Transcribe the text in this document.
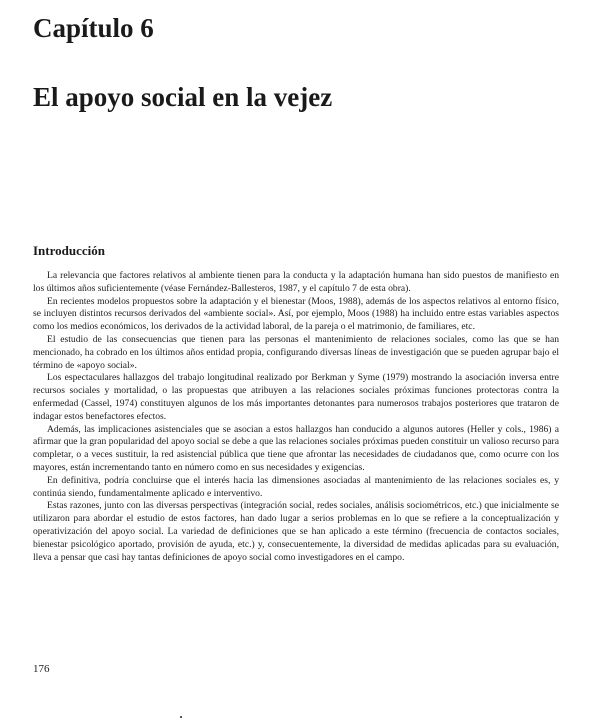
Capítulo 6
El apoyo social en la vejez
Introducción

La relevancia que factores relativos al ambiente tienen para la conducta y la adaptación humana han sido puestos de manifiesto en los últimos años suficientemente (véase Fernández-Ballesteros, 1987, y el capítulo 7 de esta obra).

En recientes modelos propuestos sobre la adaptación y el bienestar (Moos, 1988), además de los aspectos relativos al entorno físico, se incluyen distintos recursos derivados del «ambiente social». Así, por ejemplo, Moos (1988) ha incluido entre estas variables aspectos como los medios económicos, los derivados de la actividad laboral, de la pareja o el matrimonio, de familiares, etc.

El estudio de las consecuencias que tienen para las personas el mantenimiento de relaciones sociales, como las que se han mencionado, ha cobrado en los últimos años entidad propia, configurando diversas líneas de investigación que se pueden agrupar bajo el término de «apoyo social».

Los espectaculares hallazgos del trabajo longitudinal realizado por Berkman y Syme (1979) mostrando la asociación inversa entre recursos sociales y mortalidad, o las propuestas que atribuyen a las relaciones sociales próximas funciones protectoras contra la enfermedad (Cassel, 1974) constituyen algunos de los más importantes detonantes para numerosos trabajos posteriores que trataron de indagar estos benefactores efectos.

Además, las implicaciones asistenciales que se asocian a estos hallazgos han conducido a algunos autores (Heller y cols., 1986) a afirmar que la gran popularidad del apoyo social se debe a que las relaciones sociales próximas pueden constituir un valioso recurso para completar, o a veces sustituir, la red asistencial pública que tiene que afrontar las necesidades de ciudadanos que, como ocurre con los mayores, están incrementando tanto en número como en sus necesidades y exigencias.

En definitiva, podría concluirse que el interés hacia las dimensiones asociadas al mantenimiento de las relaciones sociales es, y continúa siendo, fundamentalmente aplicado e interventivo.

Estas razones, junto con las diversas perspectivas (integración social, redes sociales, análisis sociométricos, etc.) que inicialmente se utilizaron para abordar el estudio de estos factores, han dado lugar a serios problemas en lo que se refiere a la conceptualización y operativización del apoyo social. La variedad de definiciones que se han aplicado a este término (frecuencia de contactos sociales, bienestar psicológico aportado, provisión de ayuda, etc.) y, consecuentemente, la diversidad de medidas aplicadas para su evaluación, lleva a pensar que casi hay tantas definiciones de apoyo social como investigadores en el campo.

176
